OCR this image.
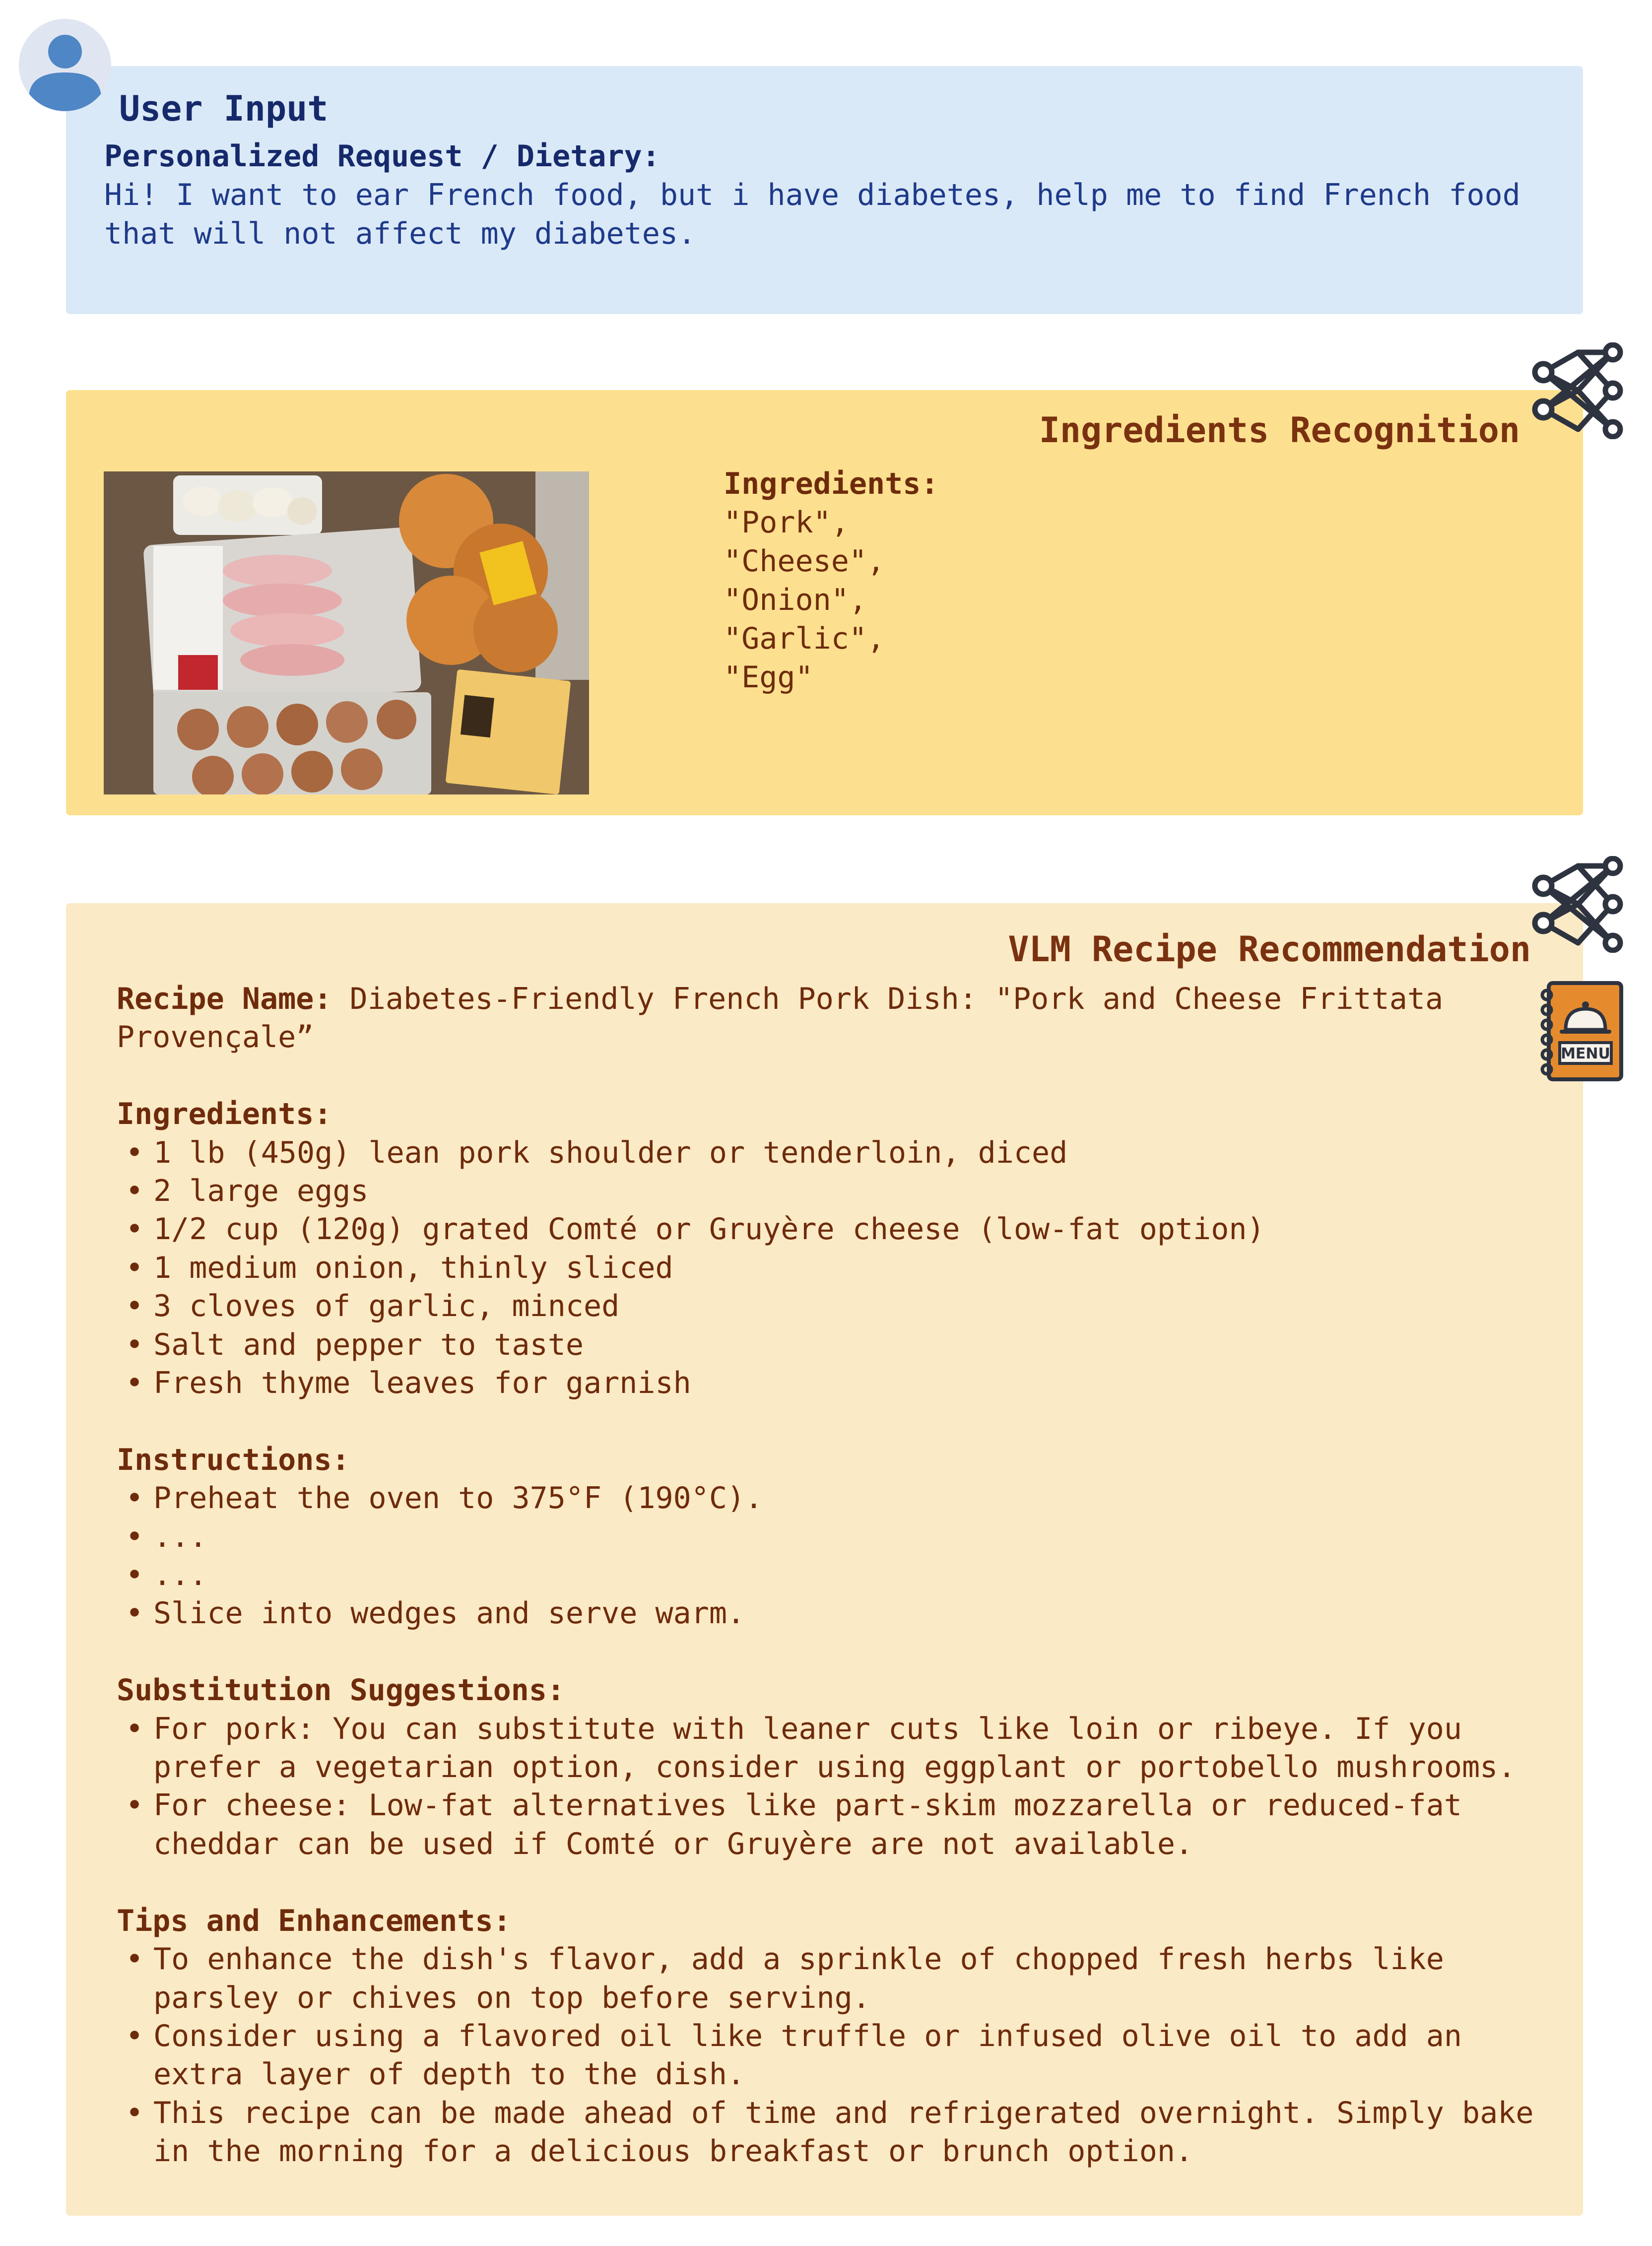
User Input
Personalized Request / Dietary:
Hi! I want to ear French food, but i have diabetes, help me to find French food that will not affect my diabetes.
Ingredients Recognition
Ingredients:
"Pork",
"Cheese",
"Onion",
"Garlic",
"Egg"
VLM Recipe Recommendation
Recipe Name: Diabetes-Friendly French Pork Dish: "Pork and Cheese Frittata Provençale”
Ingredients:
• 1 lb (450g) lean pork shoulder or tenderloin, diced
• 2 large eggs
• 1/2 cup (120g) grated Comté or Gruyère cheese (low-fat option)
• 1 medium onion, thinly sliced
• 3 cloves of garlic, minced
• Salt and pepper to taste
• Fresh thyme leaves for garnish
Instructions:
• Preheat the oven to 375°F (190°C).
• ...
• ...
• Slice into wedges and serve warm.
Substitution Suggestions:
• For pork: You can substitute with leaner cuts like loin or ribeye. If you prefer a vegetarian option, consider using eggplant or portobello mushrooms.
• For cheese: Low-fat alternatives like part-skim mozzarella or reduced-fat cheddar can be used if Comté or Gruyère are not available.
Tips and Enhancements:
• To enhance the dish's flavor, add a sprinkle of chopped fresh herbs like parsley or chives on top before serving.
• Consider using a flavored oil like truffle or infused olive oil to add an extra layer of depth to the dish.
• This recipe can be made ahead of time and refrigerated overnight. Simply bake in the morning for a delicious breakfast or brunch option.
MENU
